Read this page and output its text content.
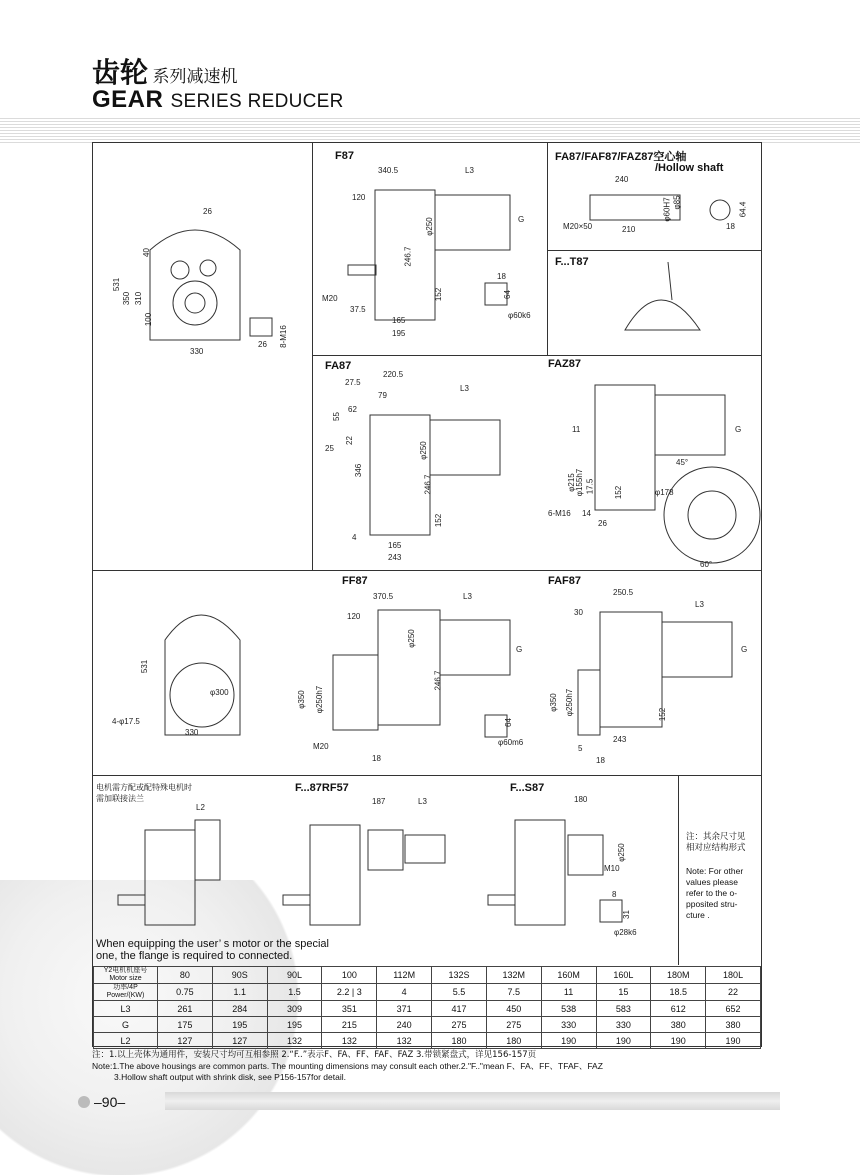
齿轮 系列减速机
GEAR SERIES REDUCER
F87	FA87/FAF87/FAZ87空心轴
/Hollow shaft
F...T87
FA87	FAZ87
FF87	FAF87
电机需方配或配特殊电机时
需加联接法兰
F...87RF57	F...S87
26
531
350 310
40
100
330
26 8-M16
340.5	L3
120
G
φ250
246.7
152
M20
37.5
165
195
18
64
φ60k6
240
M20×50	210
φ60H7 φ85	64.4
18
220.5
27.5
79
62
55
25
22
L3
φ250
346
246.7
152
4
165
243
11	G
φ215 φ155h7 17.5	φ178
6-M16 14
26
152
45°
60°
531
φ300
4-φ17.5
330
370.5	L3
120
φ250
G
φ350 φ250h7
246.7
M20
18
64
φ60m6
250.5
30
L3
G
φ350 φ250h7	152
243
5
18
L2
187	L3	180
φ250
M10
8
31
φ28k6
注：其余尺寸见
相对应结构形式
Note: For other
values please
refer to the o-
pposited stru-
cture .
When equipping the user’ s motor or the special
one, the flange is required to connected.
Y2电机机座号
Motor size	80	90S	90L	100	112M	132S	132M	160M	160L	180M	180L

功率/4P
Power/(KW)	0.75	1.1	1.5	2.2 | 3	4	5.5	7.5	11	15	18.5	22
L3	261	284	309	351	371	417	450	538	583	612	652
G	175	195	195	215	240	275	275	330	330	380	380
L2	127	127	132	132	132	180	180	190	190	190	190
注：1.以上壳体为通用件，安装尺寸均可互相参照 2.“F..”表示F、FA、FF、FAF、FAZ 3.带锁紧盘式，详见156-157页
Note:1.The above housings are common parts. The mounting dimensions may consult each other.2."F.."mean F、FA、FF、TFAF、FAZ
3.Hollow shaft output with shrink disk, see P156-157for detail.
–90–
